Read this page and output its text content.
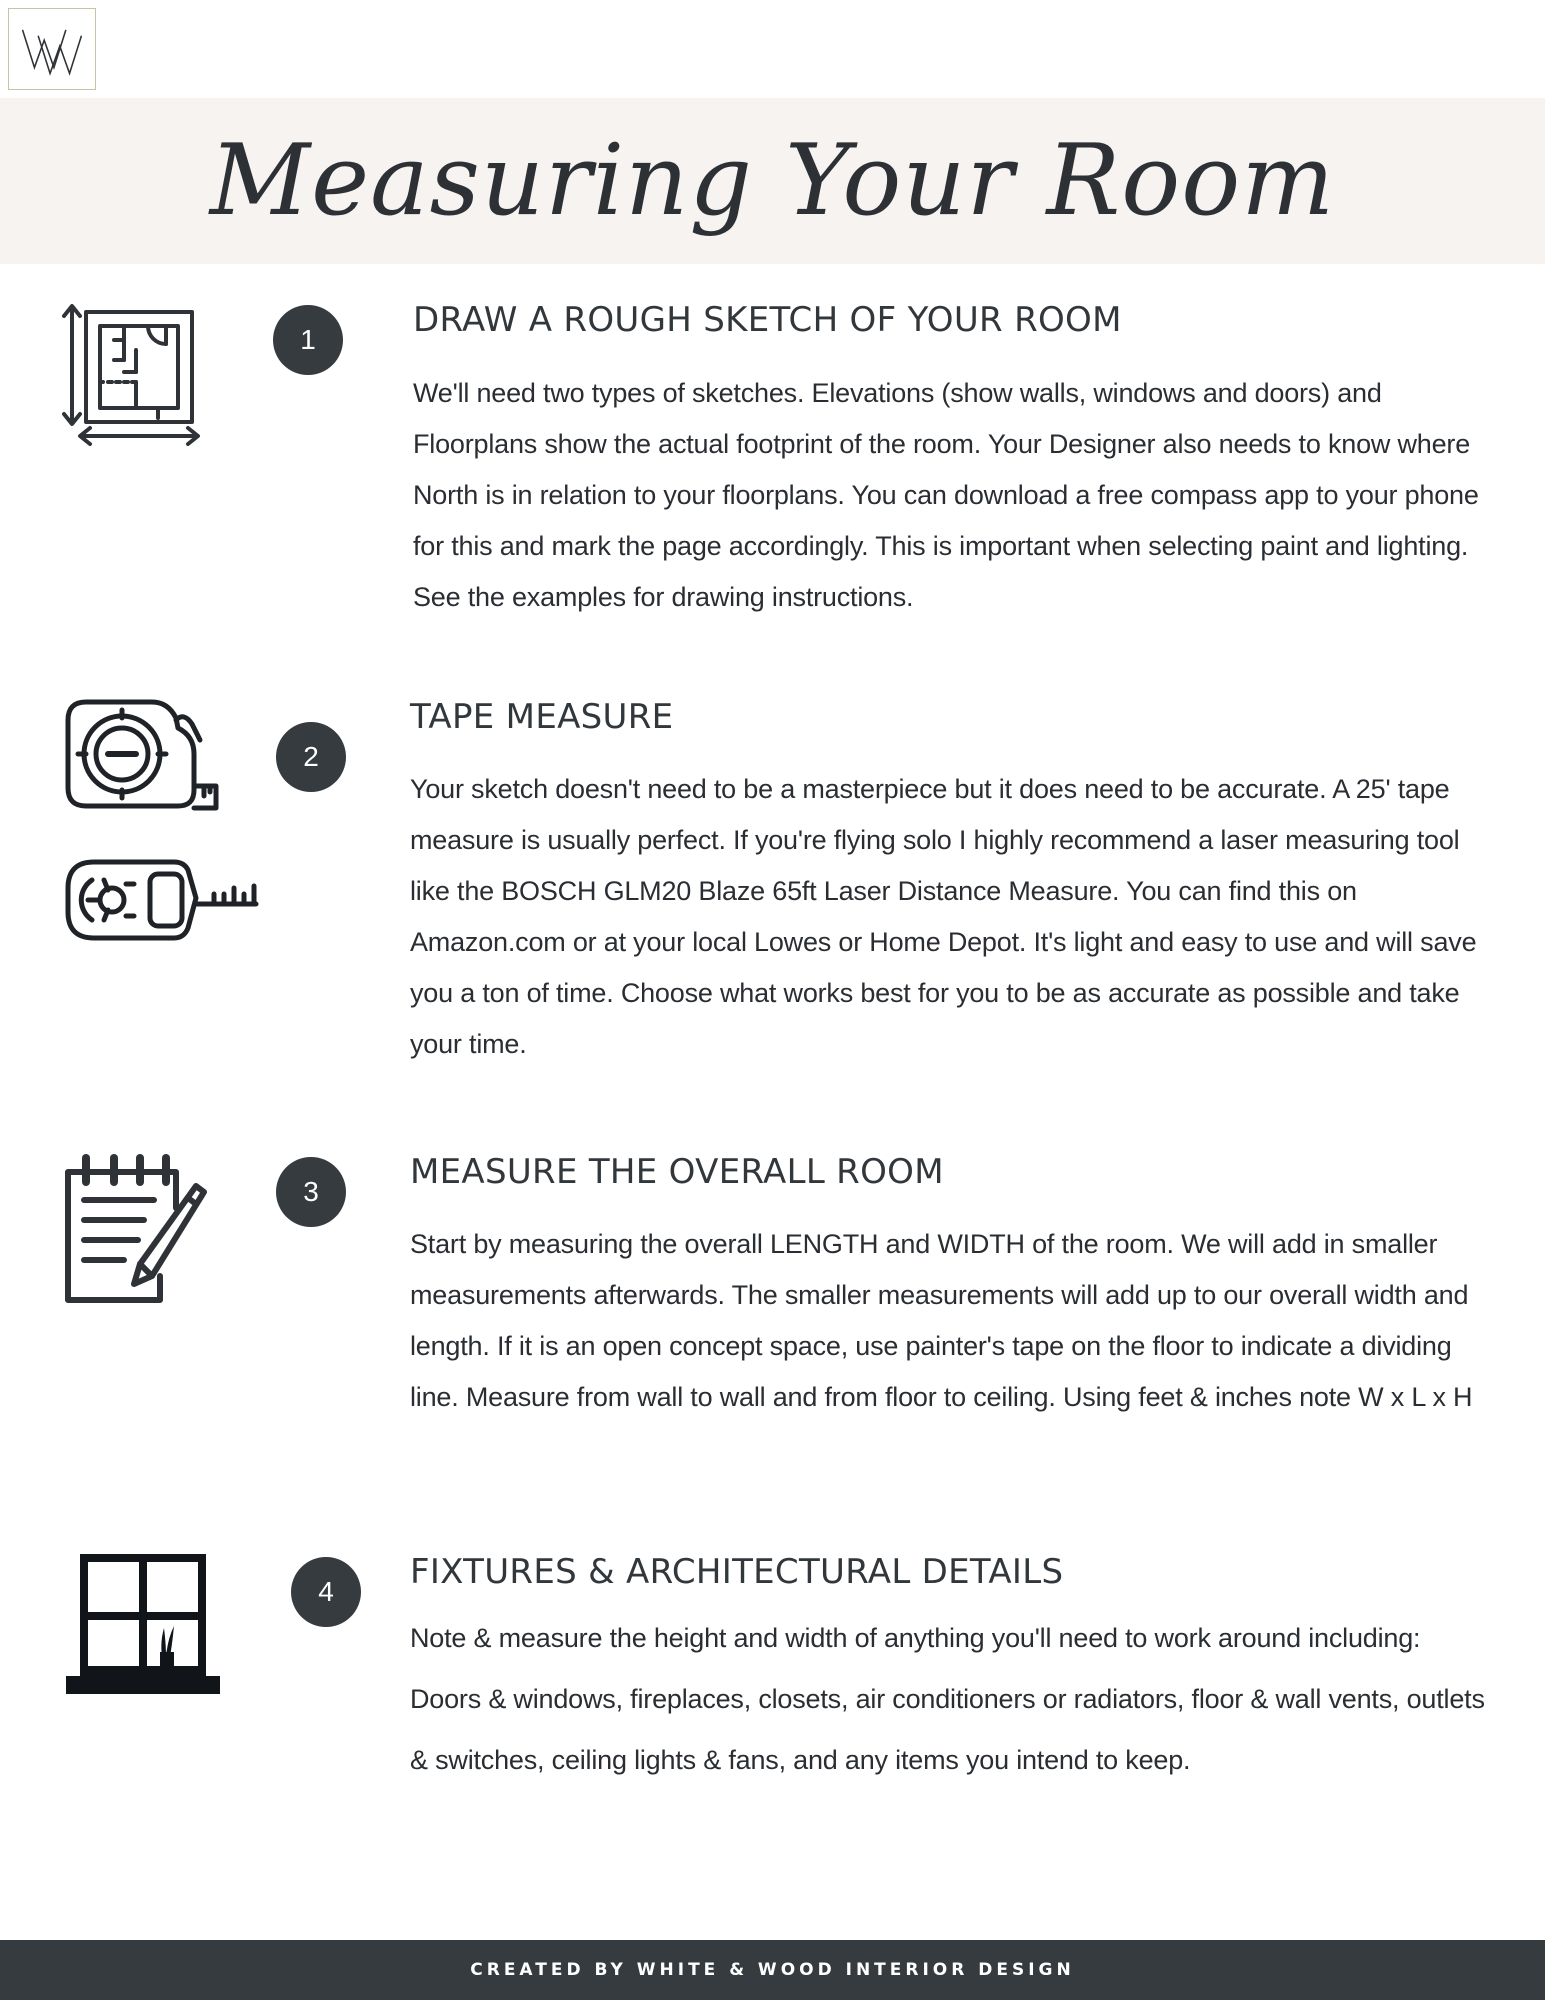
Measuring Your Room
1	DRAW A ROUGH SKETCH OF YOUR ROOM

We'll need two types of sketches. Elevations (show walls, windows and doors) and Floorplans show the actual footprint of the room. Your Designer also needs to know where North is in relation to your floorplans. You can download a free compass app to your phone for this and mark the page accordingly. This is important when selecting paint and lighting. See the examples for drawing instructions.

2
TAPE MEASURE

Your sketch doesn't need to be a masterpiece but it does need to be accurate. A 25' tape measure is usually perfect. If you're flying solo I highly recommend a laser measuring tool like the BOSCH GLM20 Blaze 65ft Laser Distance Measure. You can find this on Amazon.com or at your local Lowes or Home Depot. It's light and easy to use and will save you a ton of time. Choose what works best for you to be as accurate as possible and take your time.

3	MEASURE THE OVERALL ROOM

Start by measuring the overall LENGTH and WIDTH of the room. We will add in smaller measurements afterwards. The smaller measurements will add up to our overall width and length. If it is an open concept space, use painter's tape on the floor to indicate a dividing line. Measure from wall to wall and from floor to ceiling. Using feet & inches note W x L x H

4	FIXTURES & ARCHITECTURAL DETAILS

Note & measure the height and width of anything you'll need to work around including: Doors & windows, fireplaces, closets, air conditioners or radiators, floor & wall vents, outlets & switches, ceiling lights & fans, and any items you intend to keep.

CREATED BY WHITE & WOOD INTERIOR DESIGN
